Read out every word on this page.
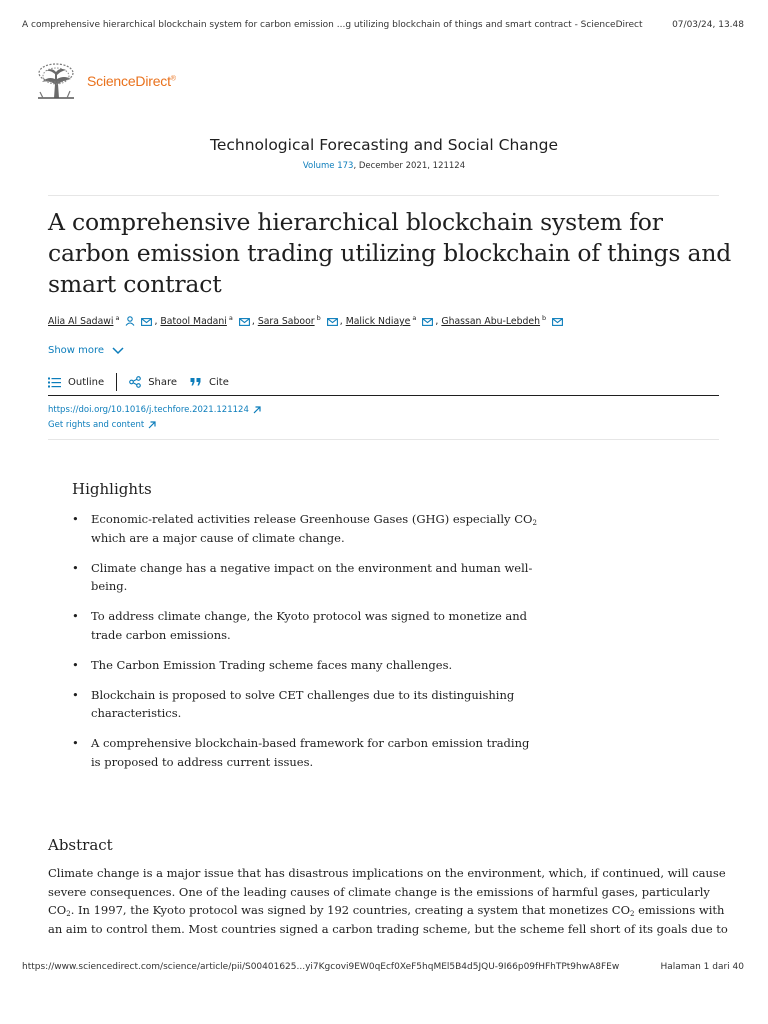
A comprehensive hierarchical blockchain system for carbon emission ...g utilizing blockchain of things and smart contract - ScienceDirect	07/03/24, 13.48
ScienceDirect®
Technological Forecasting and Social Change
Volume 173, December 2021, 121124
A comprehensive hierarchical blockchain system for carbon emission trading utilizing blockchain of things and smart contract
Alia Al Sadawi $^a$	, Batool Madani $^a$ , Sara Saboor $^b$ , Malick Ndiaye $^a$ , Ghassan Abu-Lebdeh $^b$
Show more
Outline	Share	Cite
https://doi.org/10.1016/j.techfore.2021.121124
Get rights and content
Highlights
• Economic-related activities release Greenhouse Gases (GHG) especially $CO_2$ which are a major cause of climate change.
• Climate change has a negative impact on the environment and human well-being.
• To address climate change, the Kyoto protocol was signed to monetize and trade carbon emissions.
• The Carbon Emission Trading scheme faces many challenges.
• Blockchain is proposed to solve CET challenges due to its distinguishing characteristics.
• A comprehensive blockchain-based framework for carbon emission trading is proposed to address current issues.
Abstract
Climate change is a major issue that has disastrous implications on the environment, which, if continued, will cause severe consequences. One of the leading causes of climate change is the emissions of harmful gases, particularly $CO_2$. In 1997, the Kyoto protocol was signed by 192 countries, creating a system that monetizes $CO_2$ emissions with an aim to control them. Most countries signed a carbon trading scheme, but the scheme fell short of its goals due to
https://www.sciencedirect.com/science/article/pii/S00401625...yi7Kgcovi9EW0qEcf0XeF5hqMEl5B4d5JQU-9I66p09fHFhTPt9hwA8FEw	Halaman 1 dari 40
